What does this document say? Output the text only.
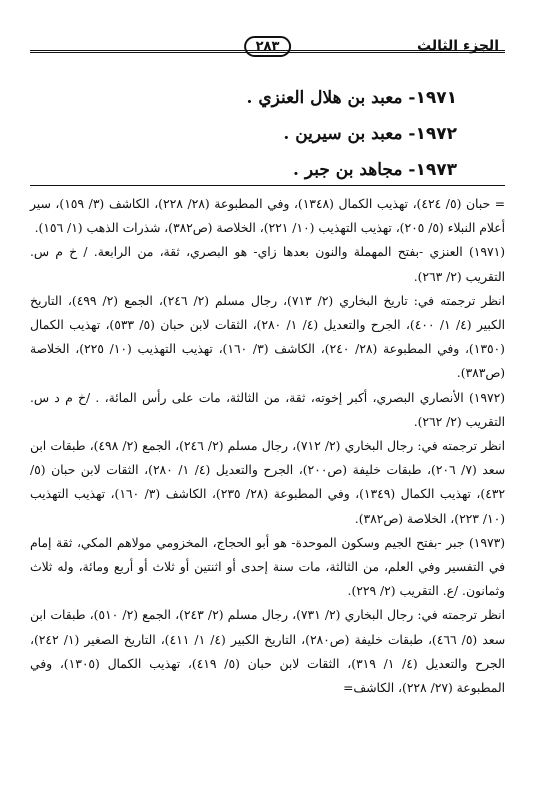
الجزء الثالث
٢٨٣
١٩٧١- معبد بن هلال العنزي .
١٩٧٢- معبد بن سيرين .
١٩٧٣- مجاهد بن جبر .

= حبان (٥/ ٤٢٤)، تهذيب الكمال (١٣٤٨)، وفي المطبوعة (٢٨/ ٢٢٨)، الكاشف (٣/ ١٥٩)، سير أعلام النبلاء (٥/ ٢٠٥)، تهذيب التهذيب (١٠/ ٢٢١)، الخلاصة (ص٣٨٢)، شذرات الذهب (١/ ١٥٦).

(١٩٧١) العنزي -بفتح المهملة والنون بعدها زاي- هو البصري، ثقة، من الرابعة. / خ م س. التقريب (٢/ ٢٦٣).

انظر ترجمته في: تاريخ البخاري (٢/ ٧١٣)، رجال مسلم (٢/ ٢٤٦)، الجمع (٢/ ٤٩٩)، التاريخ الكبير (٤/ ١/ ٤٠٠)، الجرح والتعديل (٤/ ١/ ٢٨٠)، الثقات لابن حبان (٥/ ٥٣٣)، تهذيب الكمال (١٣٥٠)، وفي المطبوعة (٢٨/ ٢٤٠)، الكاشف (٣/ ١٦٠)، تهذيب التهذيب (١٠/ ٢٢٥)، الخلاصة (ص٣٨٣).

(١٩٧٢) الأنصاري البصري، أكبر إخوته، ثقة، من الثالثة، مات على رأس المائة، . /خ م د س. التقريب (٢/ ٢٦٢).

انظر ترجمته في: رجال البخاري (٢/ ٧١٢)، رجال مسلم (٢/ ٢٤٦)، الجمع (٢/ ٤٩٨)، طبقات ابن سعد (٧/ ٢٠٦)، طبقات خليفة (ص٢٠٠)، الجرح والتعديل (٤/ ١/ ٢٨٠)، الثقات لابن حبان (٥/ ٤٣٢)، تهذيب الكمال (١٣٤٩)، وفي المطبوعة (٢٨/ ٢٣٥)، الكاشف (٣/ ١٦٠)، تهذيب التهذيب (١٠/ ٢٢٣)، الخلاصة (ص٣٨٢).

(١٩٧٣) جبر -بفتح الجيم وسكون الموحدة- هو أبو الحجاج، المخزومي مولاهم المكي، ثقة إمام في التفسير وفي العلم، من الثالثة، مات سنة إحدى أو اثنتين أو ثلاث أو أربع ومائة، وله ثلاث وثمانون. /ع. التقريب (٢/ ٢٢٩).

انظر ترجمته في: رجال البخاري (٢/ ٧٣١)، رجال مسلم (٢/ ٢٤٣)، الجمع (٢/ ٥١٠)، طبقات ابن سعد (٥/ ٤٦٦)، طبقات خليفة (ص٢٨٠)، التاريخ الكبير (٤/ ١/ ٤١١)، التاريخ الصغير (١/ ٢٤٢)، الجرح والتعديل (٤/ ١/ ٣١٩)، الثقات لابن حبان (٥/ ٤١٩)، تهذيب الكمال (١٣٠٥)، وفي المطبوعة (٢٧/ ٢٢٨)، الكاشف=
